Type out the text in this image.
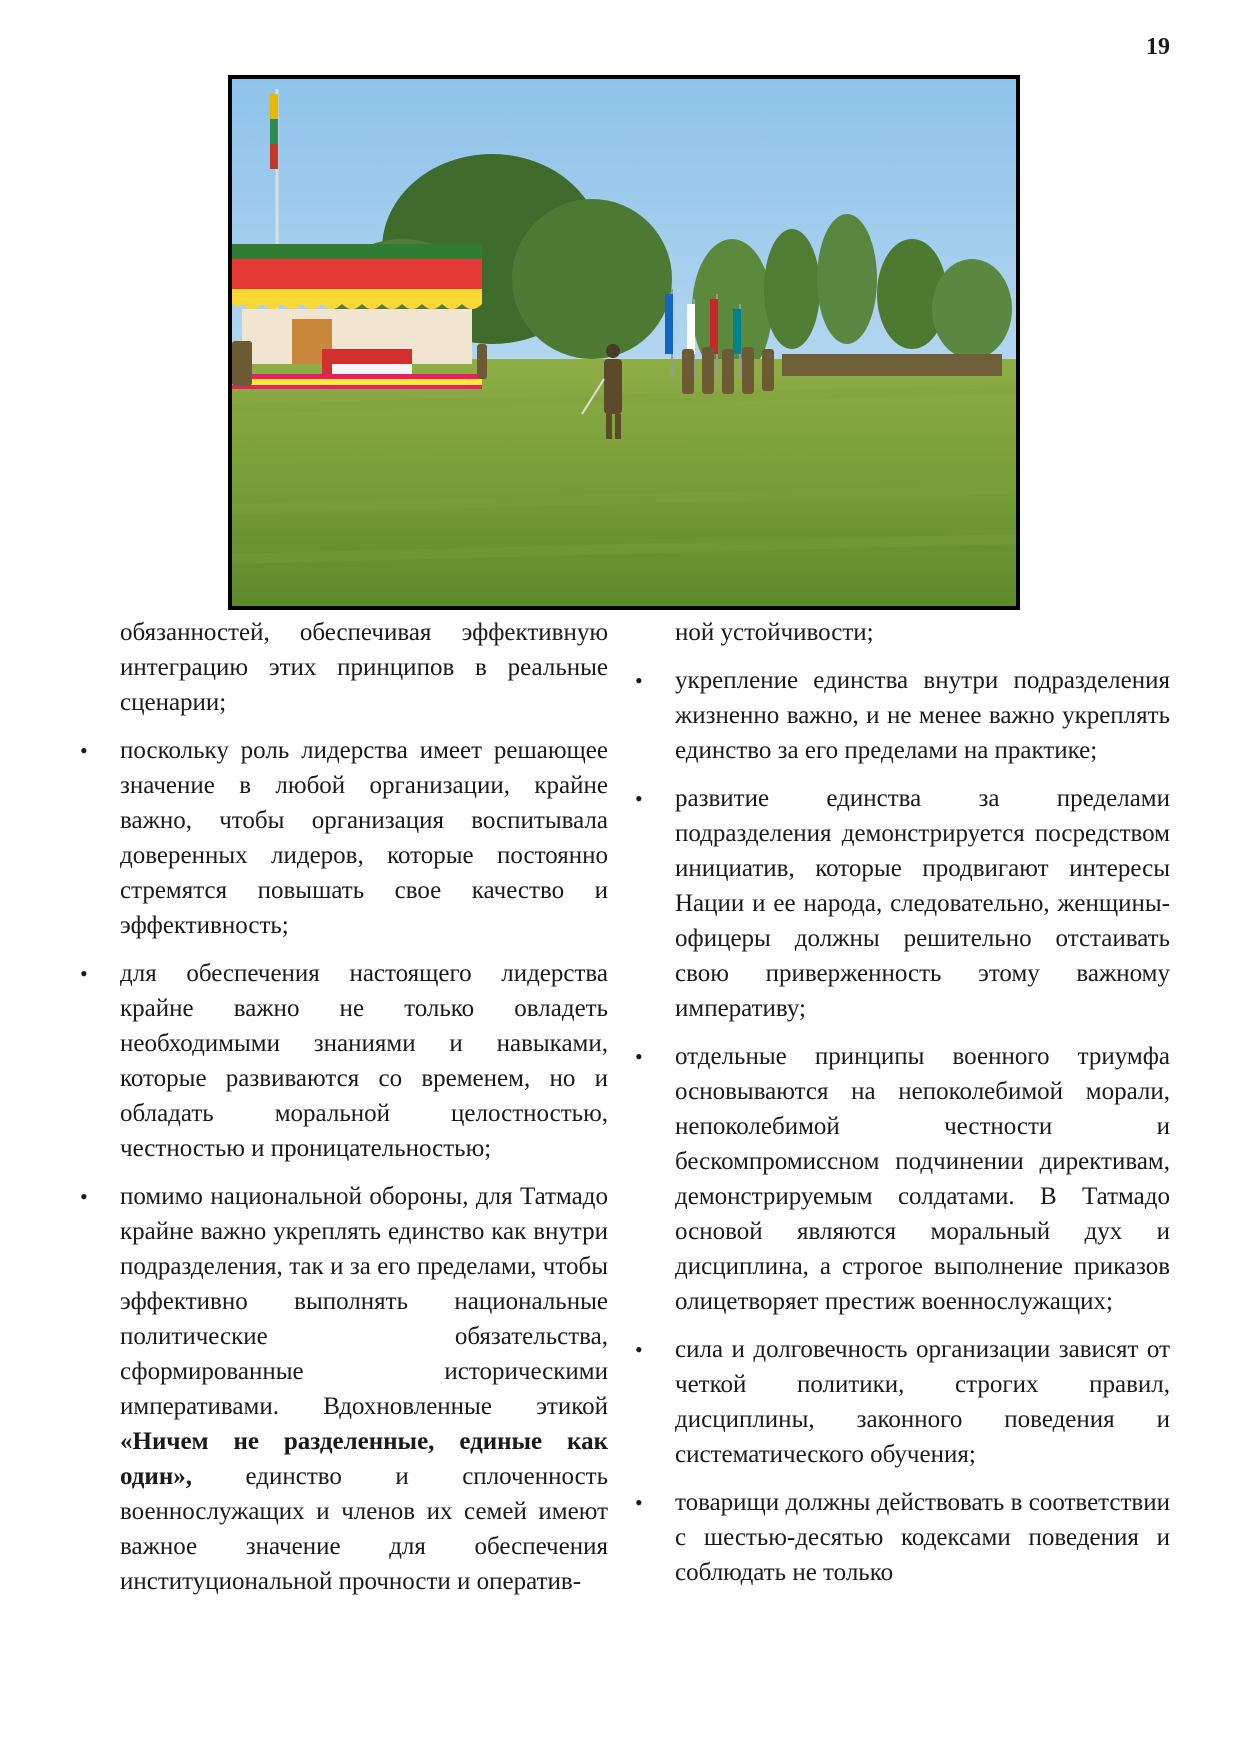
19

обязанностей, обеспечивая эффективную интеграцию этих принципов в реальные сценарии;

• поскольку роль лидерства имеет решающее значение в любой организации, крайне важно, чтобы организация воспитывала доверенных лидеров, которые постоянно стремятся повышать свое качество и эффективность;

• для обеспечения настоящего лидерства крайне важно не только овладеть необходимыми знаниями и навыками, которые развиваются со временем, но и обладать моральной целостностью, честностью и проницательностью;

• помимо национальной обороны, для Татмадо крайне важно укреплять единство как внутри подразделения, так и за его пределами, чтобы эффективно выполнять национальные политические обязательства, сформированные историческими императивами. Вдохновленные этикой «Ничем не разделенные, единые как один», единство и сплоченность военнослужащих и членов их семей имеют важное значение для обеспечения институциональной прочности и оператив-

ной устойчивости;

• укрепление единства внутри подразделения жизненно важно, и не менее важно укреплять единство за его пределами на практике;

• развитие единства за пределами подразделения демонстрируется посредством инициатив, которые продвигают интересы Нации и ее народа, следовательно, женщины-офицеры должны решительно отстаивать свою приверженность этому важному императиву;

• отдельные принципы военного триумфа основываются на непоколебимой морали, непоколебимой честности и бескомпромиссном подчинении директивам, демонстрируемым солдатами. В Татмадо основой являются моральный дух и дисциплина, а строгое выполнение приказов олицетворяет престиж военнослужащих;

• сила и долговечность организации зависят от четкой политики, строгих правил, дисциплины, законного поведения и систематического обучения;

• товарищи должны действовать в соответствии с шестью-десятью кодексами поведения и соблюдать не только
